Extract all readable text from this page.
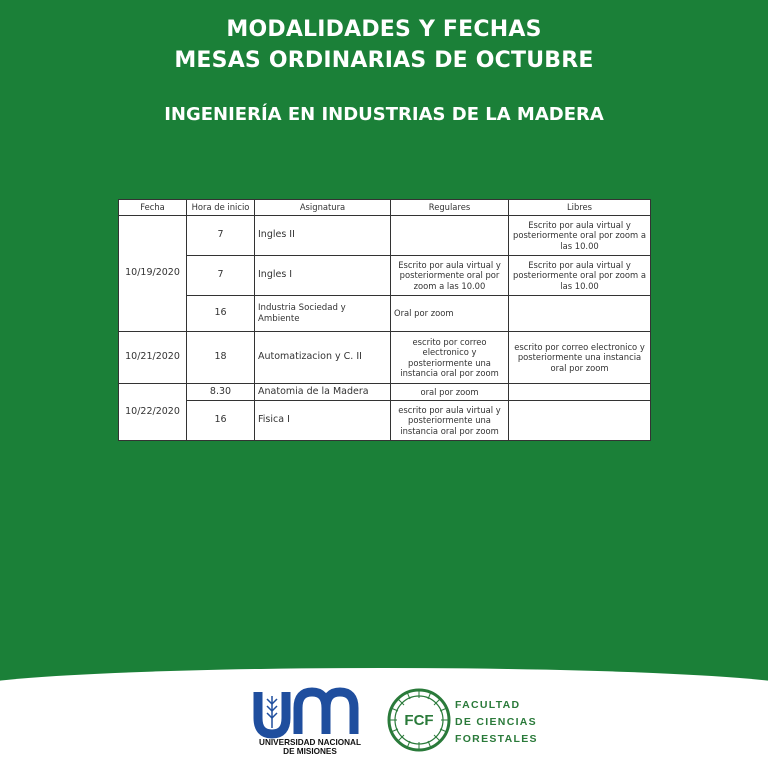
MODALIDADES Y FECHAS
MESAS ORDINARIAS DE OCTUBRE
INGENIERÍA EN INDUSTRIAS DE LA MADERA
Fecha	Hora de inicio	Asignatura	Regulares	Libres
10/19/2020	7	Ingles II		Escrito por aula virtual y posteriormente oral por zoom a las 10.00
	7	Ingles I	Escrito por aula virtual y posteriormente oral por zoom a las 10.00	Escrito por aula virtual y posteriormente oral por zoom a las 10.00
	16	Industria Sociedad y Ambiente	Oral por zoom	
10/21/2020	18	Automatizacion y C. II	escrito por correo electronico y posteriormente una instancia oral por zoom	escrito por correo electronico y posteriormente una instancia oral por zoom
10/22/2020	8.30	Anatomia de la Madera	oral por zoom	
	16	Fisica I	escrito por aula virtual y posteriormente una instancia oral por zoom	
UNM
UNIVERSIDAD NACIONAL
DE MISIONES
FCF
FACULTAD
DE CIENCIAS
FORESTALES
